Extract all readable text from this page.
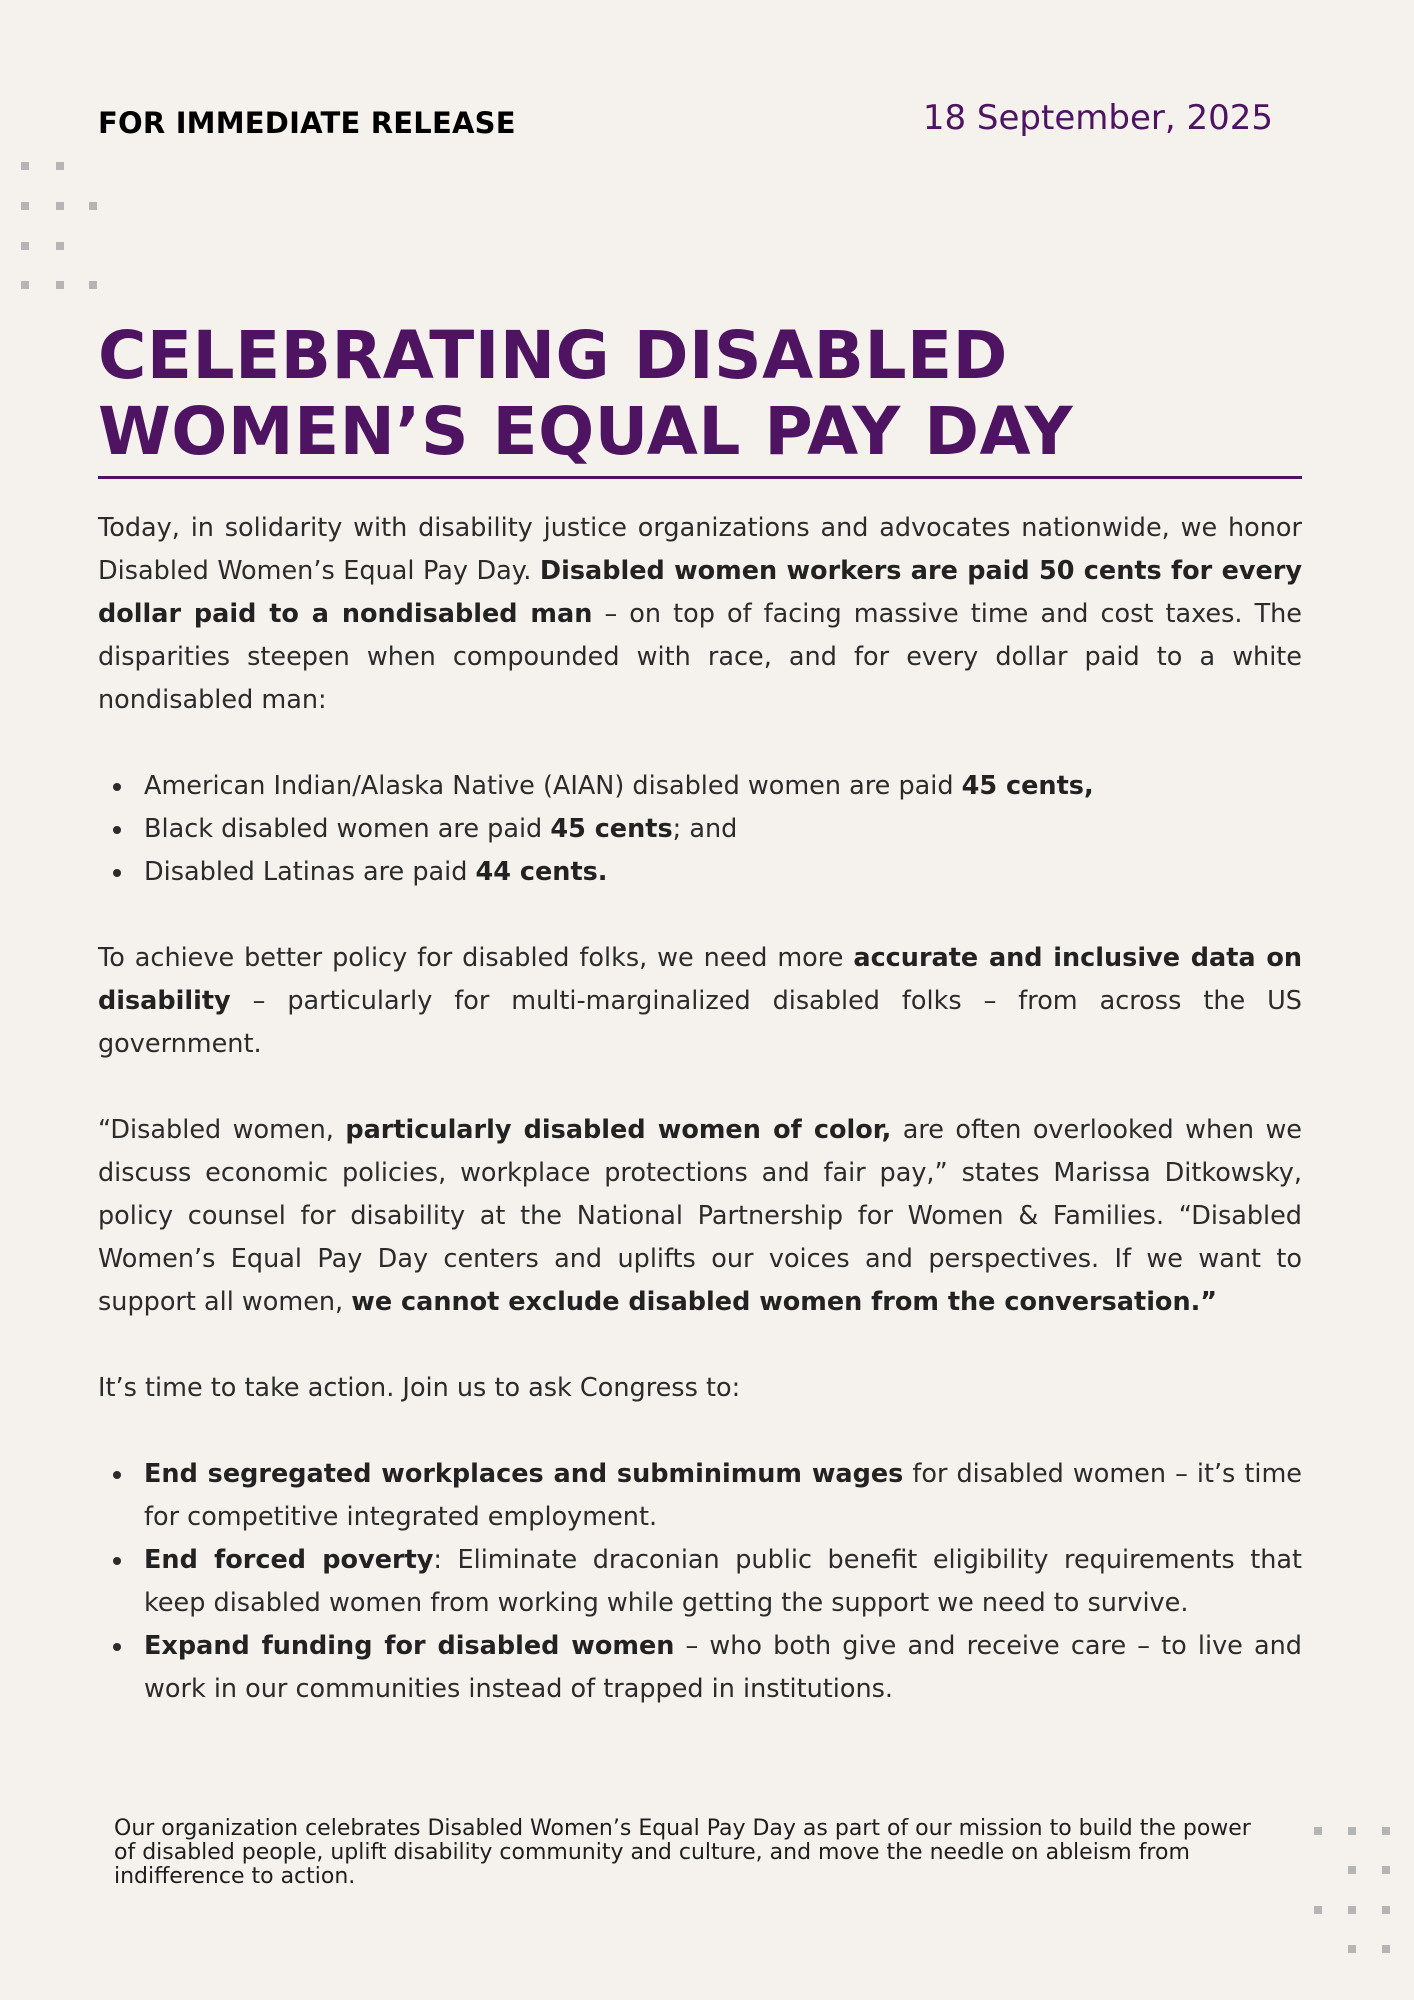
FOR IMMEDIATE RELEASE	18 September, 2025
CELEBRATING DISABLED
WOMEN’S EQUAL PAY DAY

Today, in solidarity with disability justice organizations and advocates nationwide, we honor Disabled Women’s Equal Pay Day. Disabled women workers are paid 50 cents for every dollar paid to a nondisabled man – on top of facing massive time and cost taxes. The disparities steepen when compounded with race, and for every dollar paid to a white nondisabled man:

American Indian/Alaska Native (AIAN) disabled women are paid 45 cents,
Black disabled women are paid 45 cents; and
Disabled Latinas are paid 44 cents.

To achieve better policy for disabled folks, we need more accurate and inclusive data on disability – particularly for multi-marginalized disabled folks – from across the US government.

“Disabled women, particularly disabled women of color, are often overlooked when we discuss economic policies, workplace protections and fair pay,” states Marissa Ditkowsky, policy counsel for disability at the National Partnership for Women & Families. “Disabled Women’s Equal Pay Day centers and uplifts our voices and perspectives. If we want to support all women, we cannot exclude disabled women from the conversation.”

It’s time to take action. Join us to ask Congress to:

End segregated workplaces and subminimum wages for disabled women – it’s time for competitive integrated employment.
End forced poverty: Eliminate draconian public benefit eligibility requirements that keep disabled women from working while getting the support we need to survive.
Expand funding for disabled women – who both give and receive care – to live and work in our communities instead of trapped in institutions.

Our organization celebrates Disabled Women’s Equal Pay Day as part of our mission to build the power of disabled people, uplift disability community and culture, and move the needle on ableism from indifference to action.
